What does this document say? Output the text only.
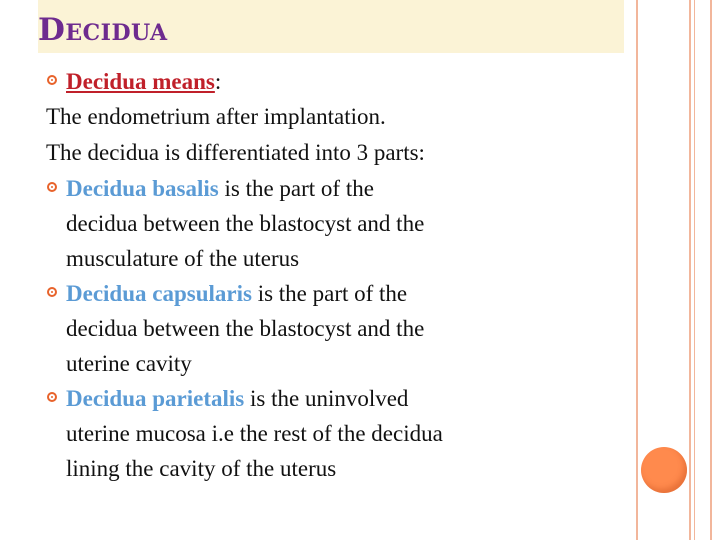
Decidua
Decidua means:
The endometrium after implantation.
The decidua is differentiated into 3 parts:
Decidua basalis is the part of the
decidua between the blastocyst and the
musculature of the uterus
Decidua capsularis is the part of the
decidua between the blastocyst and the
uterine cavity
Decidua parietalis is the uninvolved
uterine mucosa i.e the rest of the decidua
lining the cavity of the uterus
